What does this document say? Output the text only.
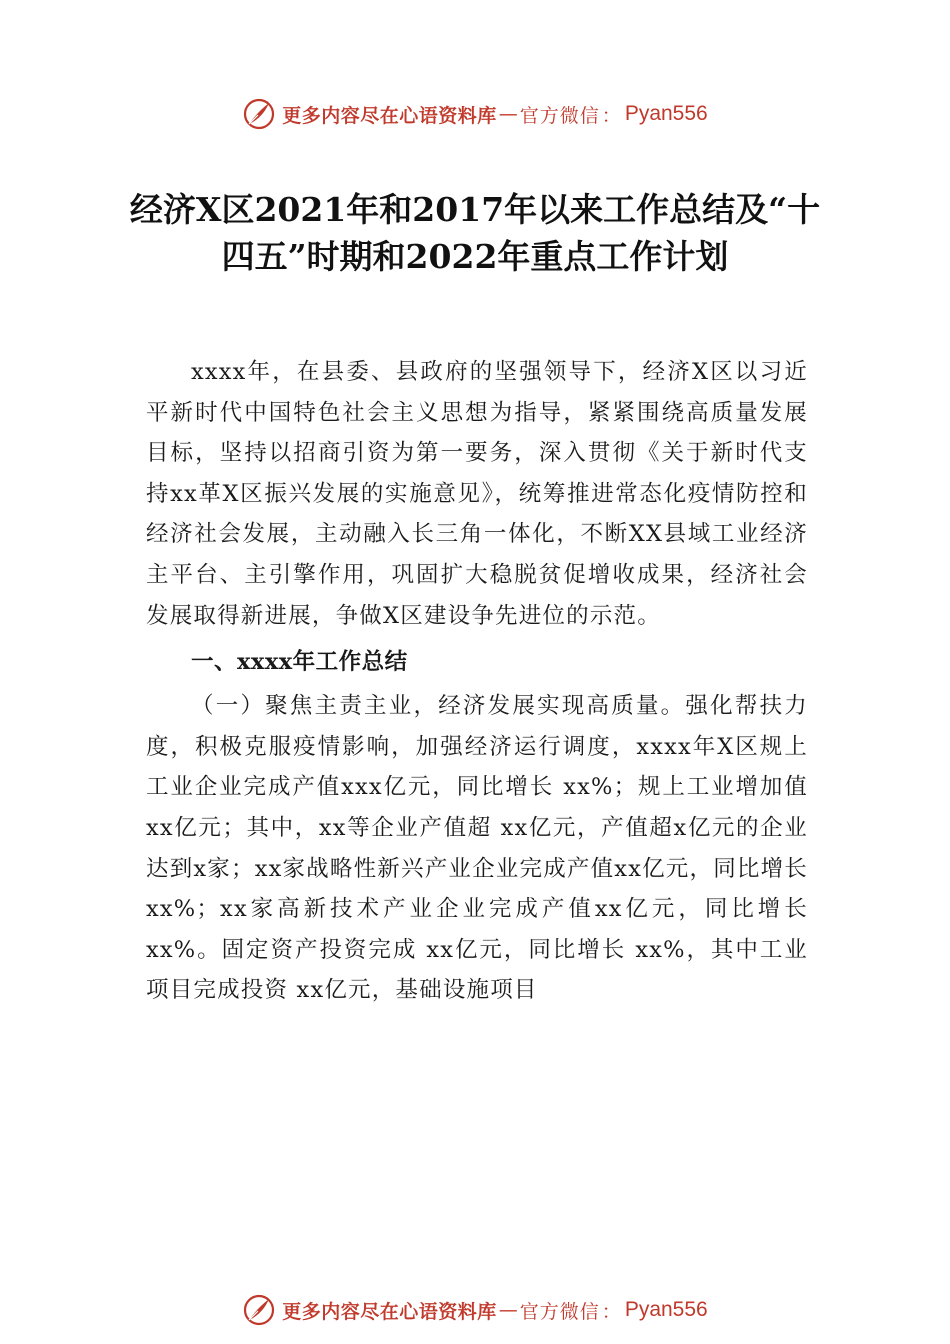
更多内容尽在心语资料库 — 官方微信 ： Pyan556
经济X区2021年和2017年以来工作总结及“十四五”时期和2022年重点工作计划

xxxx年，在县委、县政府的坚强领导下，经济X区以习近平新时代中国特色社会主义思想为指导，紧紧围绕高质量发展目标，坚持以招商引资为第一要务，深入贯彻《关于新时代支持xx革X区振兴发展的实施意见》，统筹推进常态化疫情防控和经济社会发展，主动融入长三角一体化，不断XX县域工业经济主平台、主引擎作用，巩固扩大稳脱贫促增收成果，经济社会发展取得新进展，争做X区建设争先进位的示范。

一、xxxx年工作总结

（一）聚焦主责主业，经济发展实现高质量。强化帮扶力度，积极克服疫情影响，加强经济运行调度，xxxx年X区规上工业企业完成产值xxx亿元，同比增长 xx%；规上工业增加值 xx亿元；其中，xx等企业产值超 xx亿元，产值超x亿元的企业达到x家；xx家战略性新兴产业企业完成产值xx亿元，同比增长 xx%；xx家高新技术产业企业完成产值xx亿元，同比增长 xx%。固定资产投资完成 xx亿元，同比增长 xx%，其中工业项目完成投资 xx亿元，基础设施项目

更多内容尽在心语资料库 — 官方微信 ： Pyan556
